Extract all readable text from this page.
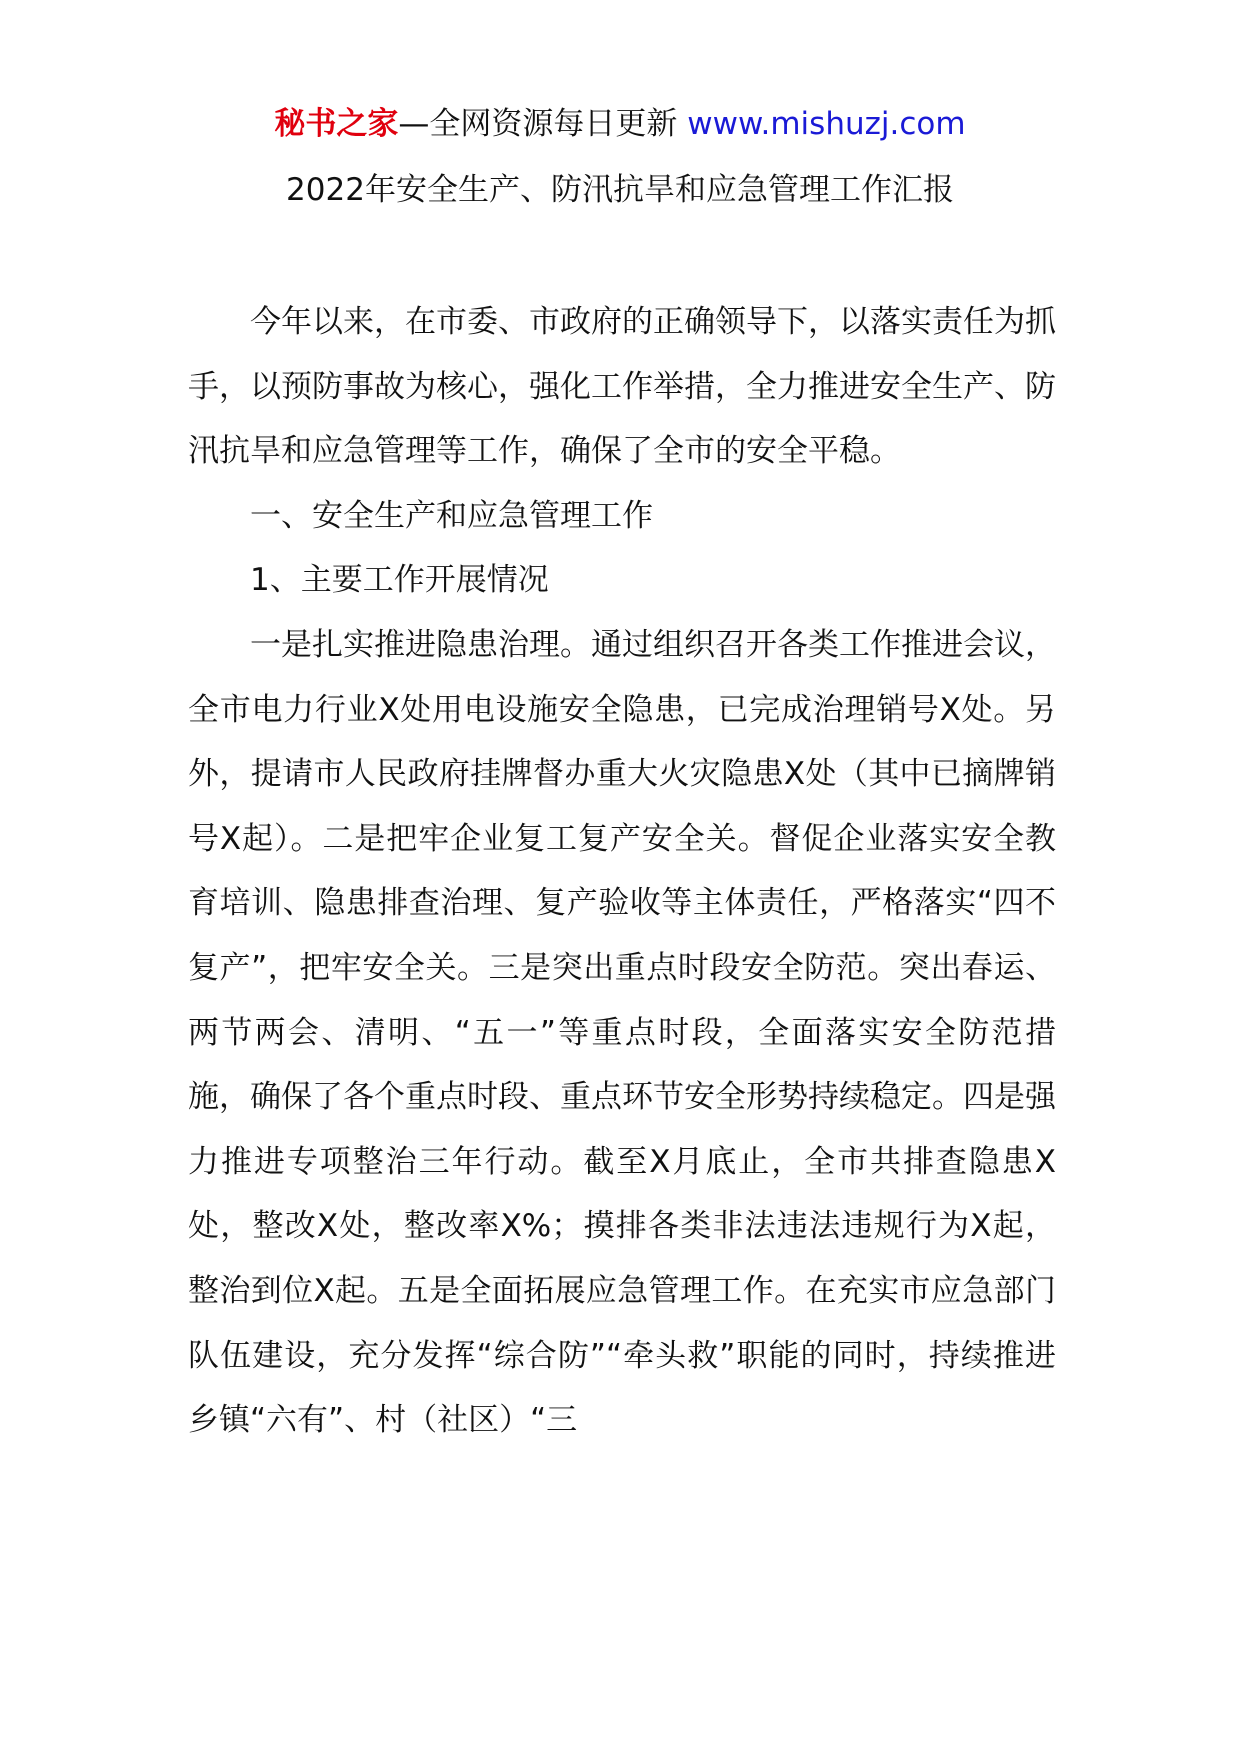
秘书之家—全网资源每日更新 www.mishuzj.com
2022年安全生产、防汛抗旱和应急管理工作汇报

今年以来，在市委、市政府的正确领导下，以落实责任为抓手，以预防事故为核心，强化工作举措，全力推进安全生产、防汛抗旱和应急管理等工作，确保了全市的安全平稳。

一、安全生产和应急管理工作

1、主要工作开展情况

一是扎实推进隐患治理。通过组织召开各类工作推进会议，全市电力行业X处用电设施安全隐患，已完成治理销号X处。另外，提请市人民政府挂牌督办重大火灾隐患X处（其中已摘牌销号X起）。二是把牢企业复工复产安全关。督促企业落实安全教育培训、隐患排查治理、复产验收等主体责任，严格落实“四不复产”，把牢安全关。三是突出重点时段安全防范。突出春运、两节两会、清明、“五一”等重点时段，全面落实安全防范措施，确保了各个重点时段、重点环节安全形势持续稳定。四是强力推进专项整治三年行动。截至X月底止，全市共排查隐患X处，整改X处，整改率X%；摸排各类非法违法违规行为X起，整治到位X起。五是全面拓展应急管理工作。在充实市应急部门队伍建设，充分发挥“综合防”“牵头救”职能的同时，持续推进乡镇“六有”、村（社区）“三
